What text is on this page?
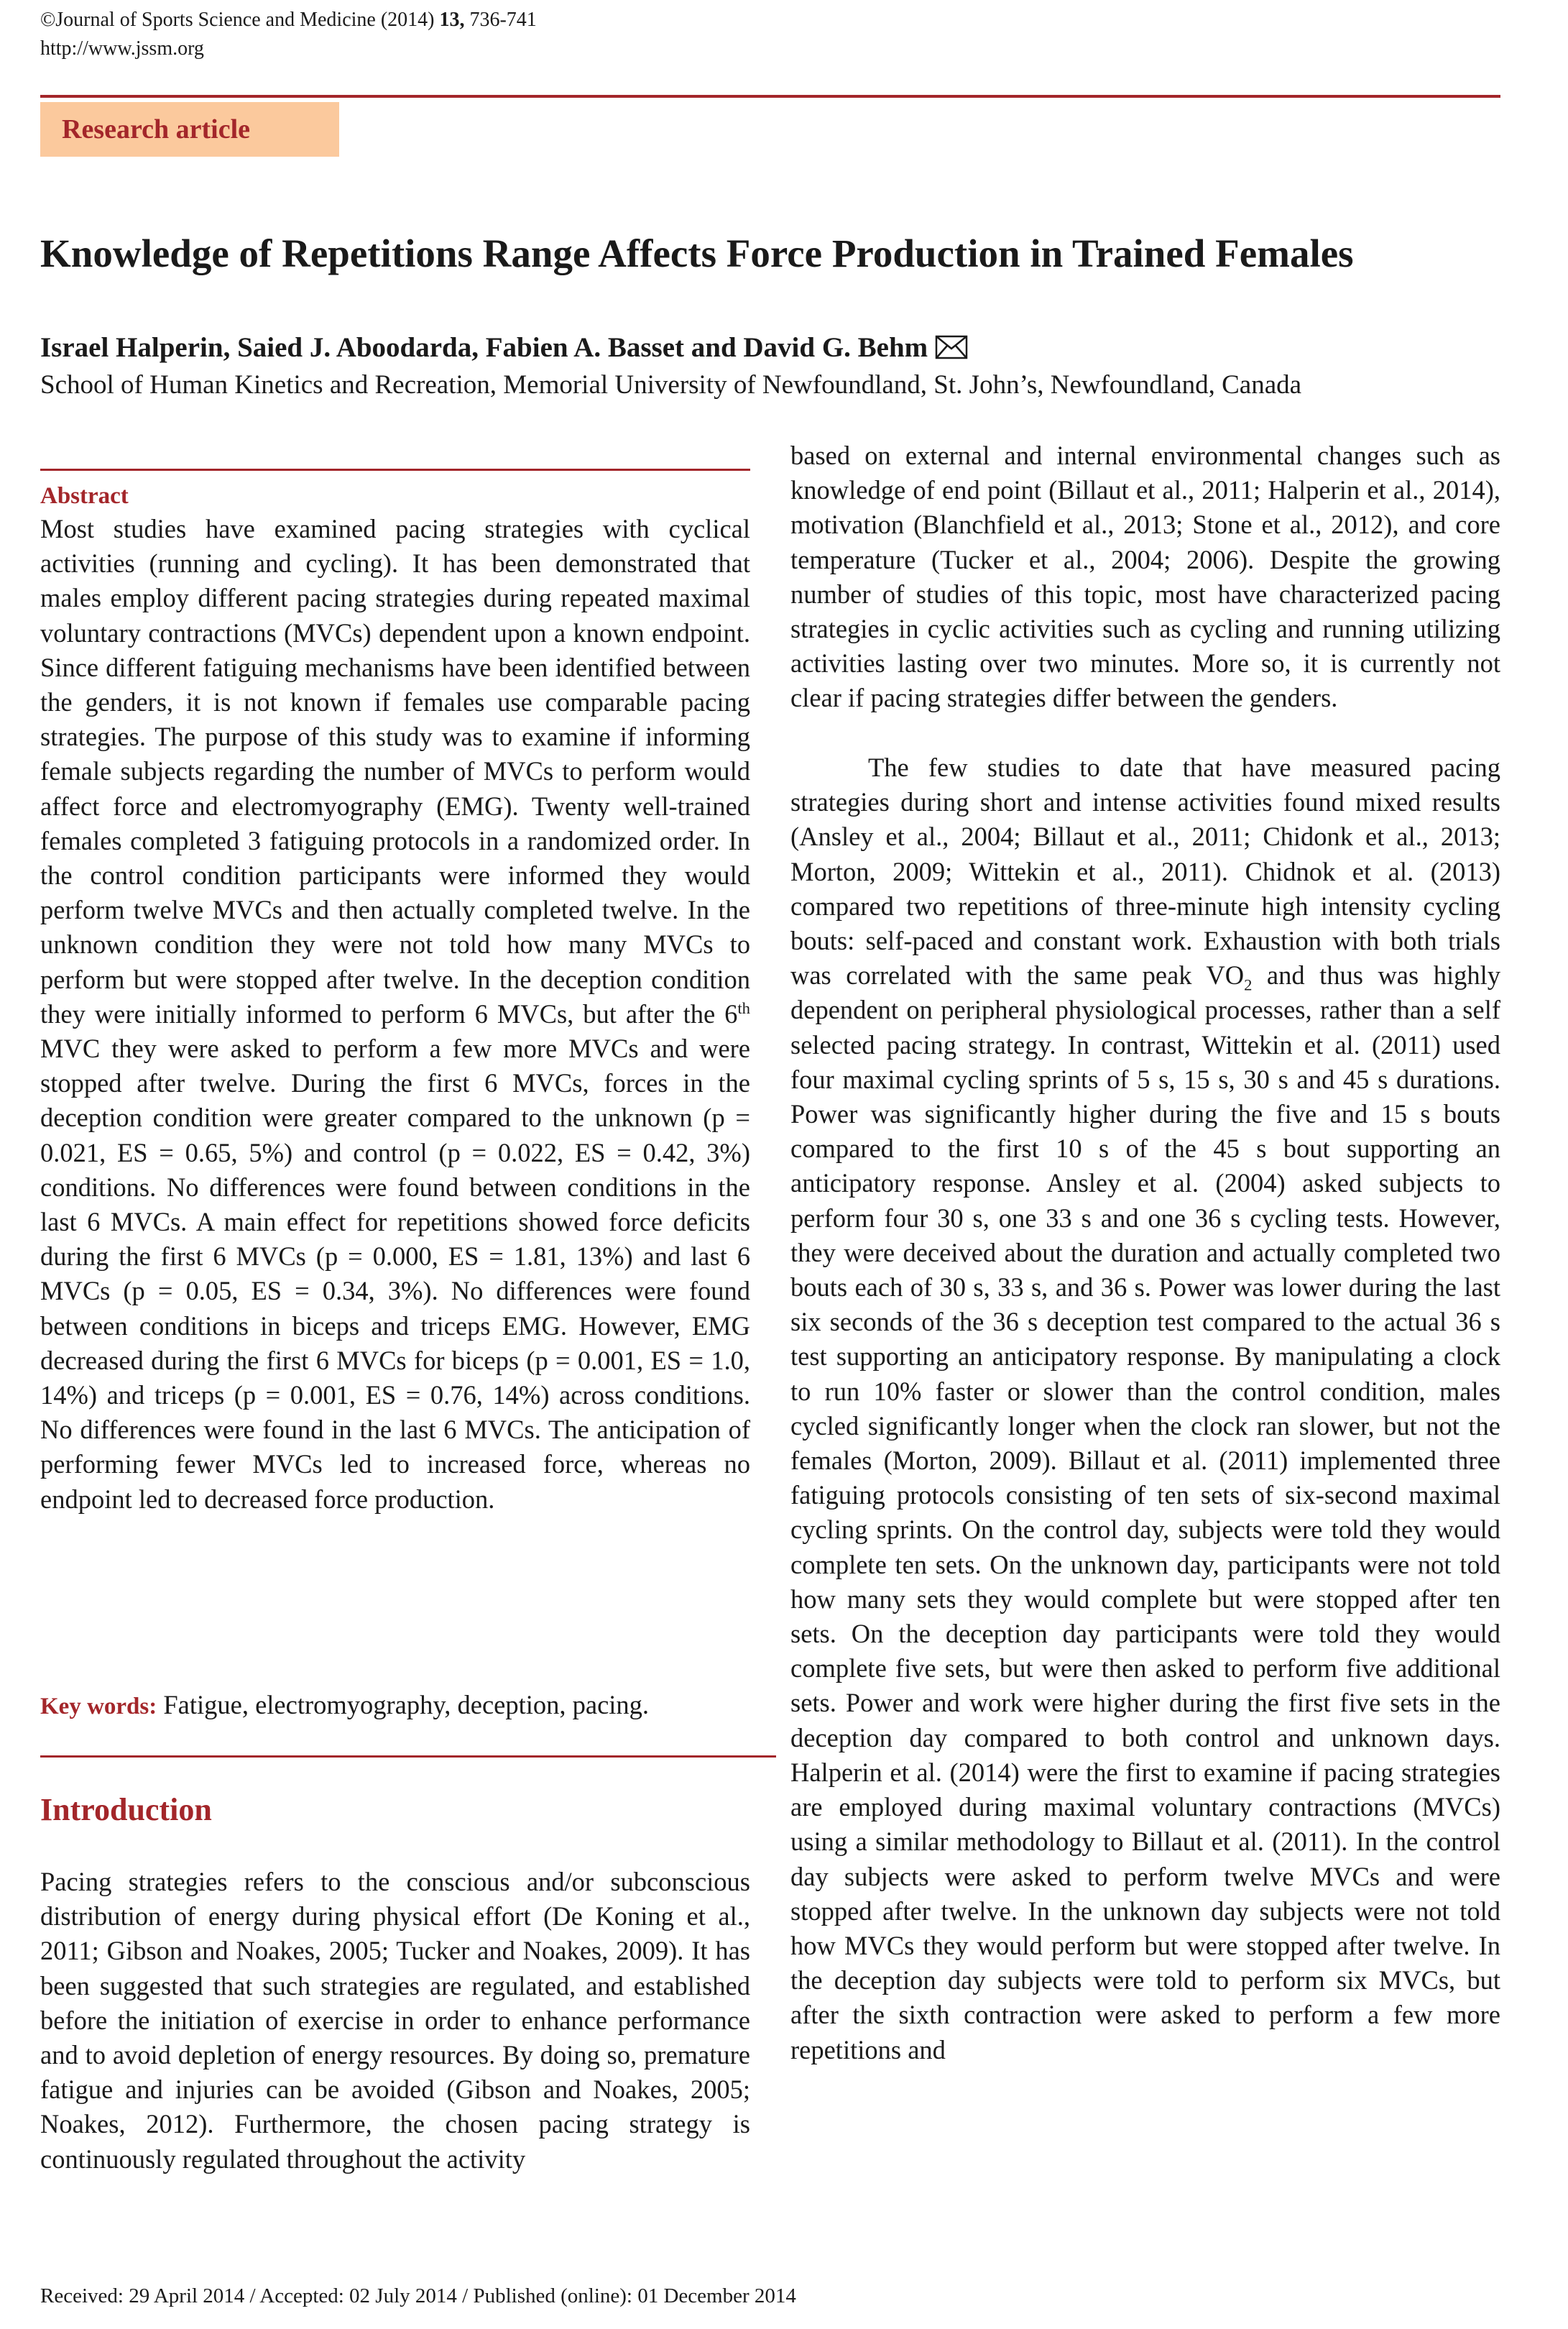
©Journal of Sports Science and Medicine (2014) 13, 736-741
http://www.jssm.org
Research article
Knowledge of Repetitions Range Affects Force Production in Trained Females
Israel Halperin, Saied J. Aboodarda, Fabien A. Basset and David G. Behm
School of Human Kinetics and Recreation, Memorial University of Newfoundland, St. John’s, Newfoundland, Canada
Abstract

Most studies have examined pacing strategies with cyclical activities (running and cycling). It has been demonstrated that males employ different pacing strategies during repeated maximal voluntary contractions (MVCs) dependent upon a known endpoint. Since different fatiguing mechanisms have been identified between the genders, it is not known if females use comparable pacing strategies. The purpose of this study was to examine if informing female subjects regarding the number of MVCs to perform would affect force and electromyography (EMG). Twenty well-trained females completed 3 fatiguing protocols in a randomized order. In the control condition participants were informed they would perform twelve MVCs and then actually completed twelve. In the unknown condition they were not told how many MVCs to perform but were stopped after twelve. In the deception condition they were initially informed to perform 6 MVCs, but after the 6th MVC they were asked to perform a few more MVCs and were stopped after twelve. During the first 6 MVCs, forces in the deception condition were greater compared to the unknown (p = 0.021, ES = 0.65, 5%) and control (p = 0.022, ES = 0.42, 3%) conditions. No differences were found between conditions in the last 6 MVCs. A main effect for repetitions showed force deficits during the first 6 MVCs (p = 0.000, ES = 1.81, 13%) and last 6 MVCs (p = 0.05, ES = 0.34, 3%). No differences were found between conditions in biceps and triceps EMG. However, EMG decreased during the first 6 MVCs for biceps (p = 0.001, ES = 1.0, 14%) and triceps (p = 0.001, ES = 0.76, 14%) across conditions. No differences were found in the last 6 MVCs. The anticipation of performing fewer MVCs led to increased force, whereas no endpoint led to decreased force production.

Key words: Fatigue, electromyography, deception, pacing.
Introduction

Pacing strategies refers to the conscious and/or subconscious distribution of energy during physical effort (De Koning et al., 2011; Gibson and Noakes, 2005; Tucker and Noakes, 2009). It has been suggested that such strategies are regulated, and established before the initiation of exercise in order to enhance performance and to avoid depletion of energy resources. By doing so, premature fatigue and injuries can be avoided (Gibson and Noakes, 2005; Noakes, 2012). Furthermore, the chosen pacing strategy is continuously regulated throughout the activity

based on external and internal environmental changes such as knowledge of end point (Billaut et al., 2011; Halperin et al., 2014), motivation (Blanchfield et al., 2013; Stone et al., 2012), and core temperature (Tucker et al., 2004; 2006). Despite the growing number of studies of this topic, most have characterized pacing strategies in cyclic activities such as cycling and running utilizing activities lasting over two minutes. More so, it is currently not clear if pacing strategies differ between the genders.

The few studies to date that have measured pacing strategies during short and intense activities found mixed results (Ansley et al., 2004; Billaut et al., 2011; Chidonk et al., 2013; Morton, 2009; Wittekin et al., 2011). Chidnok et al. (2013) compared two repetitions of three-minute high intensity cycling bouts: self-paced and constant work. Exhaustion with both trials was correlated with the same peak $VO_2$ and thus was highly dependent on peripheral physiological processes, rather than a self selected pacing strategy. In contrast, Wittekin et al. (2011) used four maximal cycling sprints of 5 s, 15 s, 30 s and 45 s durations. Power was significantly higher during the five and 15 s bouts compared to the first 10 s of the 45 s bout supporting an anticipatory response. Ansley et al. (2004) asked subjects to perform four 30 s, one 33 s and one 36 s cycling tests. However, they were deceived about the duration and actually completed two bouts each of 30 s, 33 s, and 36 s. Power was lower during the last six seconds of the 36 s deception test compared to the actual 36 s test supporting an anticipatory response. By manipulating a clock to run 10% faster or slower than the control condition, males cycled significantly longer when the clock ran slower, but not the females (Morton, 2009). Billaut et al. (2011) implemented three fatiguing protocols consisting of ten sets of six-second maximal cycling sprints. On the control day, subjects were told they would complete ten sets. On the unknown day, participants were not told how many sets they would complete but were stopped after ten sets. On the deception day participants were told they would complete five sets, but were then asked to perform five additional sets. Power and work were higher during the first five sets in the deception day compared to both control and unknown days. Halperin et al. (2014) were the first to examine if pacing strategies are employed during maximal voluntary contractions (MVCs) using a similar methodology to Billaut et al. (2011). In the control day subjects were asked to perform twelve MVCs and were stopped after twelve. In the unknown day subjects were not told how MVCs they would perform but were stopped after twelve. In the deception day subjects were told to perform six MVCs, but after the sixth contraction were asked to perform a few more repetitions and

Received: 29 April 2014 / Accepted: 02 July 2014 / Published (online): 01 December 2014
